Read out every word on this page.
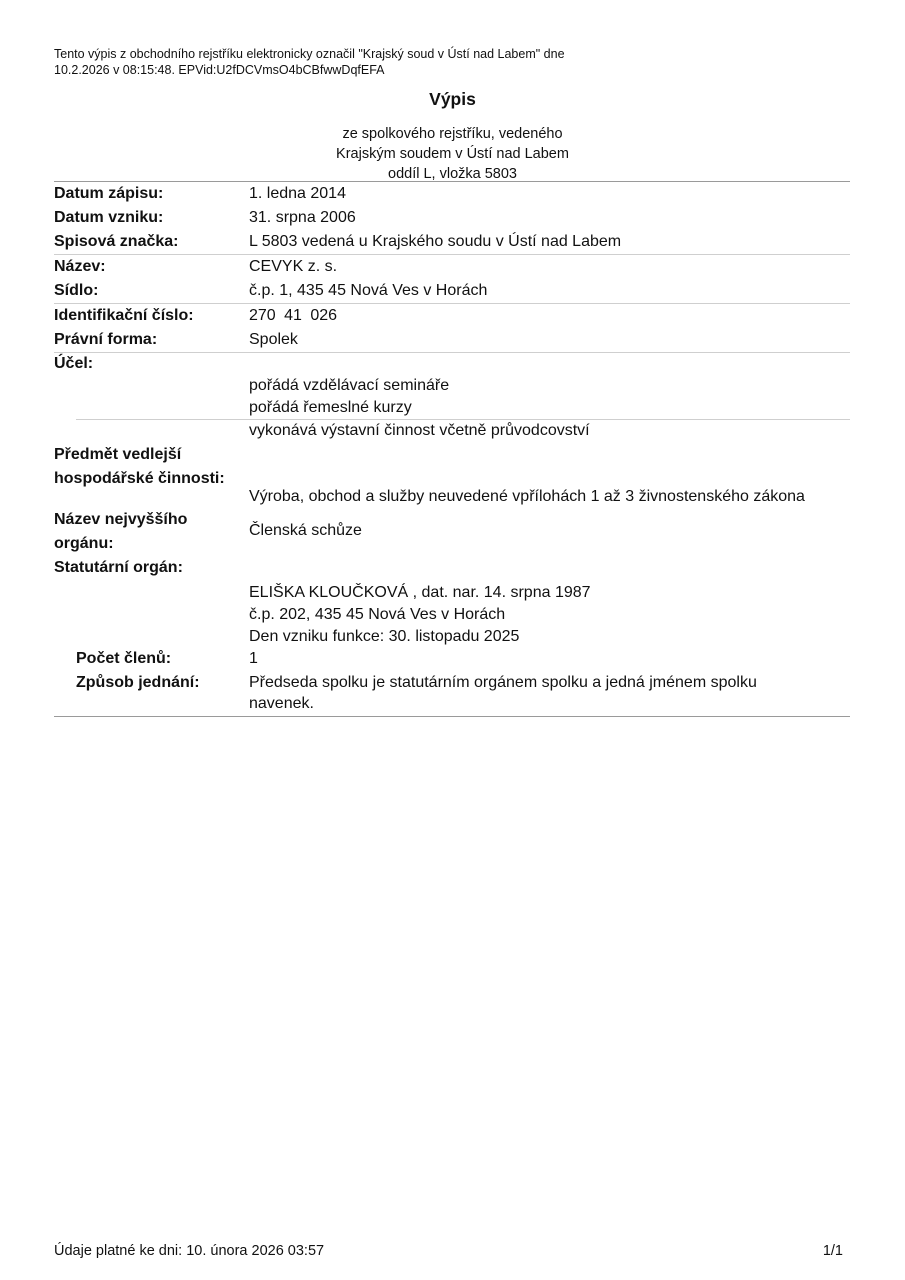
Tento výpis z obchodního rejstříku elektronicky označil "Krajský soud v Ústí nad Labem" dne 10.2.2026 v 08:15:48. EPVid:U2fDCVmsO4bCBfwwDqfEFA
Výpis
ze spolkového rejstříku, vedeného
Krajským soudem v Ústí nad Labem
oddíl L, vložka 5803
Datum zápisu:	1. ledna 2014
Datum vzniku:	31. srpna 2006
Spisová značka:	L 5803 vedená u Krajského soudu v Ústí nad Labem
Název:	CEVYK z. s.
Sídlo:	č.p. 1, 435 45 Nová Ves v Horách
Identifikační číslo:	270 41 026
Právní forma:	Spolek
Účel:
pořádá vzdělávací semináře
pořádá řemeslné kurzy
vykonává výstavní činnost včetně průvodcovství
Předmět vedlejší
hospodářské činnosti:
Výroba, obchod a služby neuvedené vpřílohách 1 až 3 živnostenského zákona
Název nejvyššího
orgánu:
Členská schůze
Statutární orgán:
ELIŠKA KLOUČKOVÁ , dat. nar. 14. srpna 1987
č.p. 202, 435 45 Nová Ves v Horách
Den vzniku funkce: 30. listopadu 2025
Počet členů:	1
Způsob jednání:	Předseda spolku je statutárním orgánem spolku a jedná jménem spolku navenek.
Údaje platné ke dni: 10. února 2026 03:57	1/1
